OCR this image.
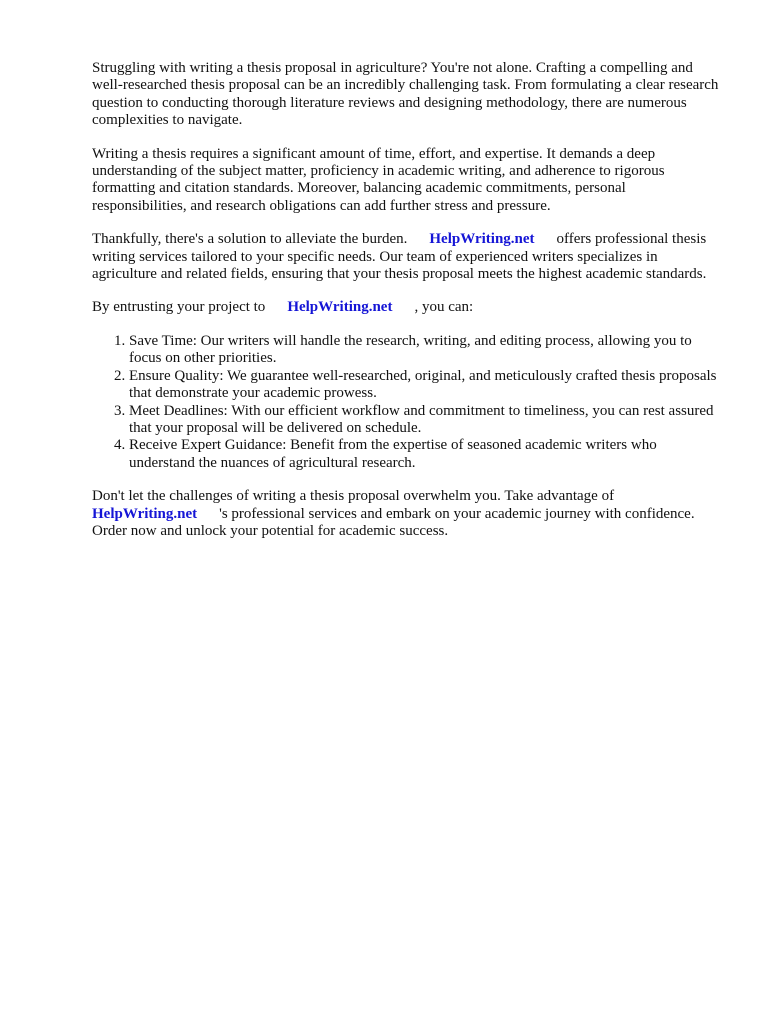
Struggling with writing a thesis proposal in agriculture? You're not alone. Crafting a compelling and well-researched thesis proposal can be an incredibly challenging task. From formulating a clear research question to conducting thorough literature reviews and designing methodology, there are numerous complexities to navigate.

Writing a thesis requires a significant amount of time, effort, and expertise. It demands a deep understanding of the subject matter, proficiency in academic writing, and adherence to rigorous formatting and citation standards. Moreover, balancing academic commitments, personal responsibilities, and research obligations can add further stress and pressure.

Thankfully, there's a solution to alleviate the burden. HelpWriting.net offers professional thesis writing services tailored to your specific needs. Our team of experienced writers specializes in agriculture and related fields, ensuring that your thesis proposal meets the highest academic standards.

By entrusting your project to HelpWriting.net , you can:

1. Save Time: Our writers will handle the research, writing, and editing process, allowing you to focus on other priorities.
2. Ensure Quality: We guarantee well-researched, original, and meticulously crafted thesis proposals that demonstrate your academic prowess.
3. Meet Deadlines: With our efficient workflow and commitment to timeliness, you can rest assured that your proposal will be delivered on schedule.
4. Receive Expert Guidance: Benefit from the expertise of seasoned academic writers who understand the nuances of agricultural research.

Don't let the challenges of writing a thesis proposal overwhelm you. Take advantage of HelpWriting.net 's professional services and embark on your academic journey with confidence. Order now and unlock your potential for academic success.
